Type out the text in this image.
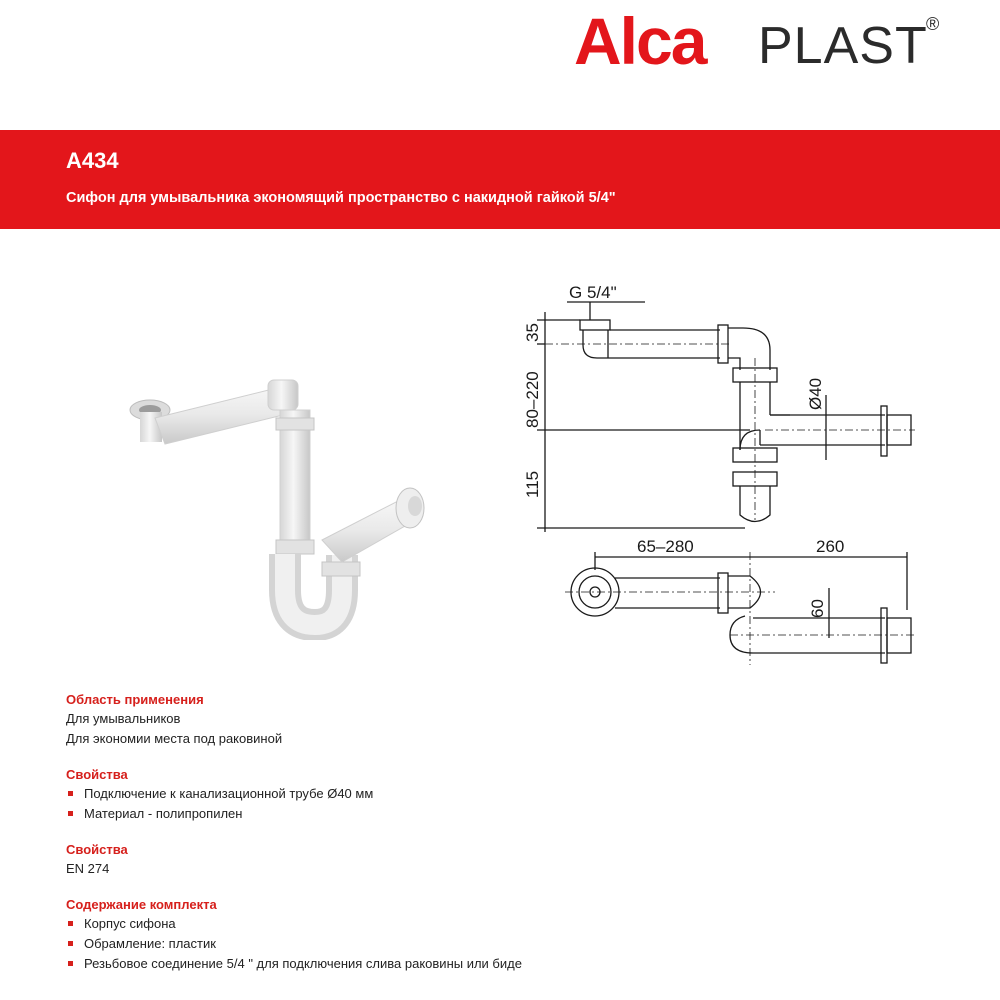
Alca PLAST
®
A434
Сифон для умывальника экономящий пространство с накидной гайкой 5/4"
G 5/4"
35
80–220
115
Ø40
65–280	260
60
Область применения
Для умывальников
Для экономии места под раковиной
Свойства
Подключение к канализационной трубе Ø40 мм
Материал - полипропилен
Свойства
EN 274
Содержание комплекта
Корпус сифона
Обрамление: пластик
Резьбовое соединение 5/4 " для подключения слива раковины или биде
